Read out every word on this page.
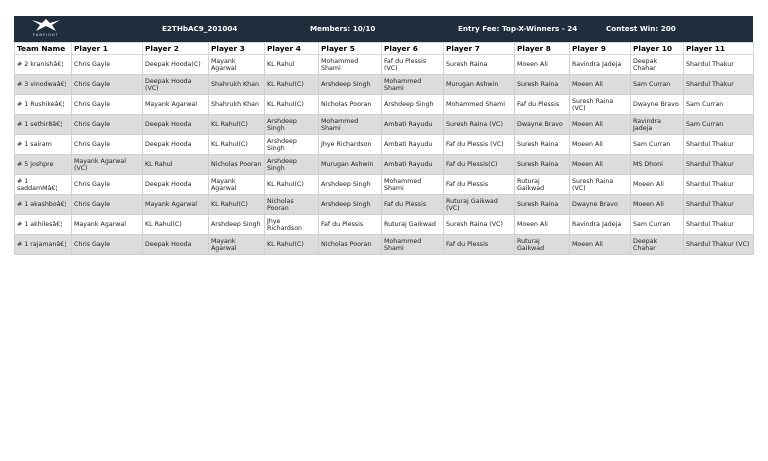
FANFIGHT
E2THbAC9_201004	Members: 10/10	Entry Fee: Top-X-Winners - 24	Contest Win: 200
Team Name	Player 1	Player 2	Player 3	Player 4	Player 5	Player 6	Player 7	Player 8	Player 9	Player 10	Player 11
# 2 kranishâ€¦	Chris Gayle	Deepak Hooda(C)	Mayank Agarwal	KL Rahul	Mohammed Shami	Faf du Plessis (VC)	Suresh Raina	Moeen Ali	Ravindra Jadeja	Deepak Chahar	Shardul Thakur
# 3 vinodwaâ€¦	Chris Gayle	Deepak Hooda (VC)	Shahrukh Khan	KL Rahul(C)	Arshdeep Singh	Mohammed Shami	Murugan Ashwin	Suresh Raina	Moeen Ali	Sam Curran	Shardul Thakur
# 1 Rushikeâ€¦	Chris Gayle	Mayank Agarwal	Shahrukh Khan	KL Rahul(C)	Nicholas Pooran	Arshdeep Singh	Mohammed Shami	Faf du Plessis	Suresh Raina (VC)	Dwayne Bravo	Sam Curran
# 1 sethir8â€¦	Chris Gayle	Deepak Hooda	KL Rahul(C)	Arshdeep Singh	Mohammed Shami	Ambati Rayudu	Suresh Raina (VC)	Dwayne Bravo	Moeen Ali	Ravindra Jadeja	Sam Curran
# 1 sairam	Chris Gayle	Deepak Hooda	KL Rahul(C)	Arshdeep Singh	Jhye Richardson	Ambati Rayudu	Faf du Plessis (VC)	Suresh Raina	Moeen Ali	Sam Curran	Shardul Thakur
# 5 joshpre	Mayank Agarwal (VC)	KL Rahul	Nicholas Pooran	Arshdeep Singh	Murugan Ashwin	Ambati Rayudu	Faf du Plessis(C)	Suresh Raina	Moeen Ali	MS Dhoni	Shardul Thakur
# 1 saddamMâ€¦	Chris Gayle	Deepak Hooda	Mayank Agarwal	KL Rahul(C)	Arshdeep Singh	Mohammed Shami	Faf du Plessis	Ruturaj Gaikwad	Suresh Raina (VC)	Moeen Ali	Shardul Thakur
# 1 akashboâ€¦	Chris Gayle	Mayank Agarwal	KL Rahul(C)	Nicholas Pooran	Arshdeep Singh	Faf du Plessis	Ruturaj Gaikwad (VC)	Suresh Raina	Dwayne Bravo	Moeen Ali	Shardul Thakur
# 1 akhilesâ€¦	Mayank Agarwal	KL Rahul(C)	Arshdeep Singh	Jhye Richardson	Faf du Plessis	Ruturaj Gaikwad	Suresh Raina (VC)	Moeen Ali	Ravindra Jadeja	Sam Curran	Shardul Thakur
# 1 rajamanâ€¦	Chris Gayle	Deepak Hooda	Mayank Agarwal	KL Rahul(C)	Nicholas Pooran	Mohammed Shami	Faf du Plessis	Ruturaj Gaikwad	Moeen Ali	Deepak Chahar	Shardul Thakur (VC)
